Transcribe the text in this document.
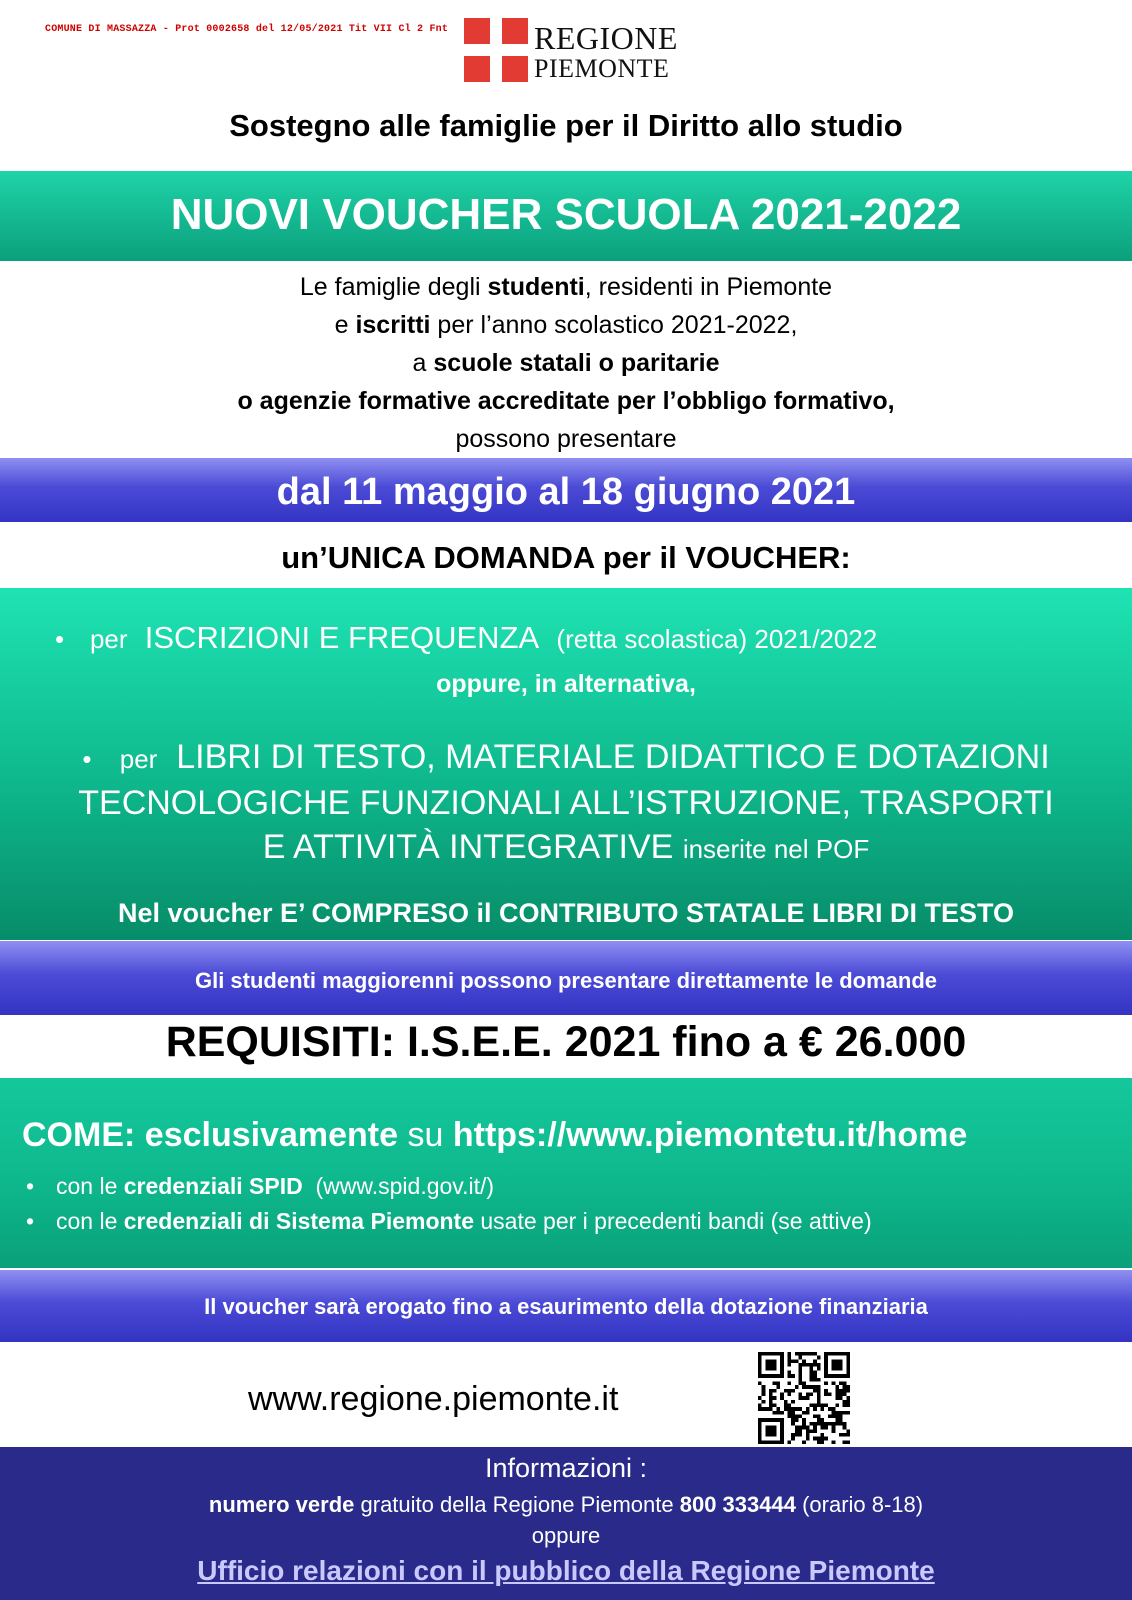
COMUNE DI MASSAZZA - Prot 0002658 del 12/05/2021 Tit VII Cl 2 Fnt	REGIONE
PIEMONTE
Sostegno alle famiglie per il Diritto allo studio
NUOVI VOUCHER SCUOLA 2021-2022
Le famiglie degli studenti, residenti in Piemonte
e iscritti per l’anno scolastico 2021-2022,
a scuole statali o paritarie
o agenzie formative accreditate per l’obbligo formativo,
possono presentare
dal 11 maggio al 18 giugno 2021
un’UNICA DOMANDA per il VOUCHER:
• per ISCRIZIONI E FREQUENZA (retta scolastica) 2021/2022
oppure, in alternativa,
• per LIBRI DI TESTO, MATERIALE DIDATTICO E DOTAZIONI
TECNOLOGICHE FUNZIONALI ALL’ISTRUZIONE, TRASPORTI
E ATTIVITÀ INTEGRATIVE inserite nel POF
Nel voucher E’ COMPRESO il CONTRIBUTO STATALE LIBRI DI TESTO
Gli studenti maggiorenni possono presentare direttamente le domande
REQUISITI: I.S.E.E. 2021 fino a € 26.000
COME: esclusivamente su https://www.piemontetu.it/home
• con le credenziali SPID (www.spid.gov.it/)
• con le credenziali di Sistema Piemonte usate per i precedenti bandi (se attive)
Il voucher sarà erogato fino a esaurimento della dotazione finanziaria
www.regione.piemonte.it
Informazioni :
numero verde gratuito della Regione Piemonte 800 333444 (orario 8-18)
oppure
Ufficio relazioni con il pubblico della Regione Piemonte
